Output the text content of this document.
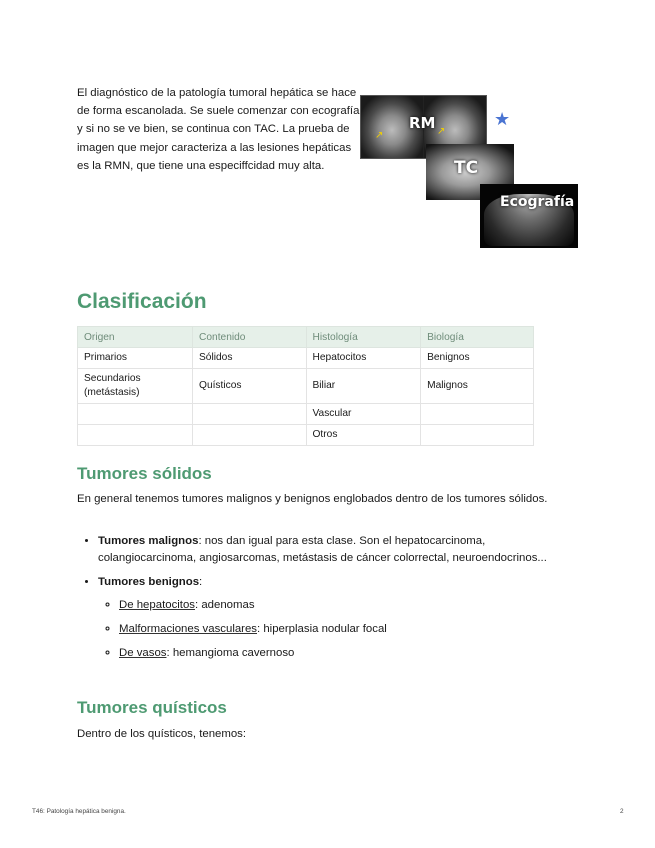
El diagnóstico de la patología tumoral hepática se hace de forma escanolada. Se suele comenzar con ecografía y si no se ve bien, se continua con TAC. La prueba de imagen que mejor caracteriza a las lesiones hepáticas es la RMN, que tiene una especiffcidad muy alta.

↗	↗
RM
TC
Ecografía
★
Clasificación
Origen	Contenido	Histología	Biología
Primarios	Sólidos	Hepatocitos	Benignos
Secundarios (metástasis)	Quísticos	Biliar	Malignos
		Vascular	
		Otros	
Tumores sólidos

En general tenemos tumores malignos y benignos englobados dentro de los tumores sólidos.

• Tumores malignos: nos dan igual para esta clase. Son el hepatocarcinoma, colangiocarcinoma, angiosarcomas, metástasis de cáncer colorrectal, neuroendocrinos...
• Tumores benignos:
◦ De hepatocitos: adenomas
◦ Malformaciones vasculares: hiperplasia nodular focal
◦ De vasos: hemangioma cavernoso
Tumores quísticos

Dentro de los quísticos, tenemos:

T46: Patología hepática benigna.	2
